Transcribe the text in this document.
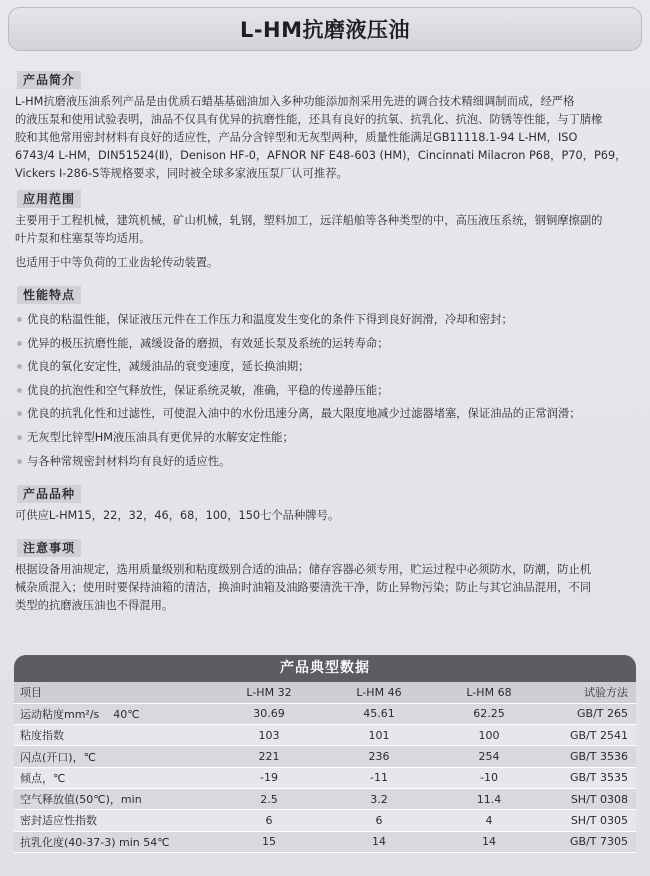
L-HM抗磨液压油
产品简介
L-HM抗磨液压油系列产品是由优质石蜡基基础油加入多种功能添加剂采用先进的调合技术精细调制而成，经严格
的液压泵和使用试验表明，油品不仅具有优异的抗磨性能，还具有良好的抗氧、抗乳化、抗泡、防锈等性能，与丁腈橡
胶和其他常用密封材料有良好的适应性，产品分含锌型和无灰型两种，质量性能满足GB11118.1-94 L-HM，ISO
6743/4 L-HM，DIN51524(Ⅱ)，Denison HF-0，AFNOR NF E48-603 (HM)，Cincinnati Milacron P68，P70，P69，
Vickers I-286-S等规格要求，同时被全球多家液压泵厂认可推荐。
应用范围
主要用于工程机械，建筑机械，矿山机械，轧钢，塑料加工，远洋船舶等各种类型的中，高压液压系统，钢铜摩擦副的
叶片泵和柱塞泵等均适用。
也适用于中等负荷的工业齿轮传动装置。
性能特点
优良的粘温性能，保证液压元件在工作压力和温度发生变化的条件下得到良好润滑，冷却和密封；
优异的极压抗磨性能，减缓设备的磨损，有效延长泵及系统的运转寿命；
优良的氧化安定性，减缓油品的衰变速度，延长换油期；
优良的抗泡性和空气释放性，保证系统灵敏，准确，平稳的传递静压能；
优良的抗乳化性和过滤性，可使混入油中的水份迅速分离，最大限度地减少过滤器堵塞，保证油品的正常润滑；
无灰型比锌型HM液压油具有更优异的水解安定性能；
与各种常规密封材料均有良好的适应性。
产品品种
可供应L-HM15，22，32，46，68，100，150七个品种牌号。
注意事项
根据设备用油规定，选用质量级别和粘度级别合适的油品；储存容器必须专用，贮运过程中必须防水，防潮，防止机
械杂质混入；使用时要保持油箱的清洁，换油时油箱及油路要清洗干净，防止异物污染；防止与其它油品混用，不同
类型的抗磨液压油也不得混用。
产品典型数据
项目	L-HM 32	L-HM 46	L-HM 68	试验方法
运动粘度mm²/s 40℃	30.69	45.61	62.25	GB/T 265
粘度指数	103	101	100	GB/T 2541
闪点(开口)，℃	221	236	254	GB/T 3536
倾点，℃	-19	-11	-10	GB/T 3535
空气释放值(50℃)，min	2.5	3.2	11.4	SH/T 0308
密封适应性指数	6	6	4	SH/T 0305
抗乳化度(40-37-3) min 54℃	15	14	14	GB/T 7305
